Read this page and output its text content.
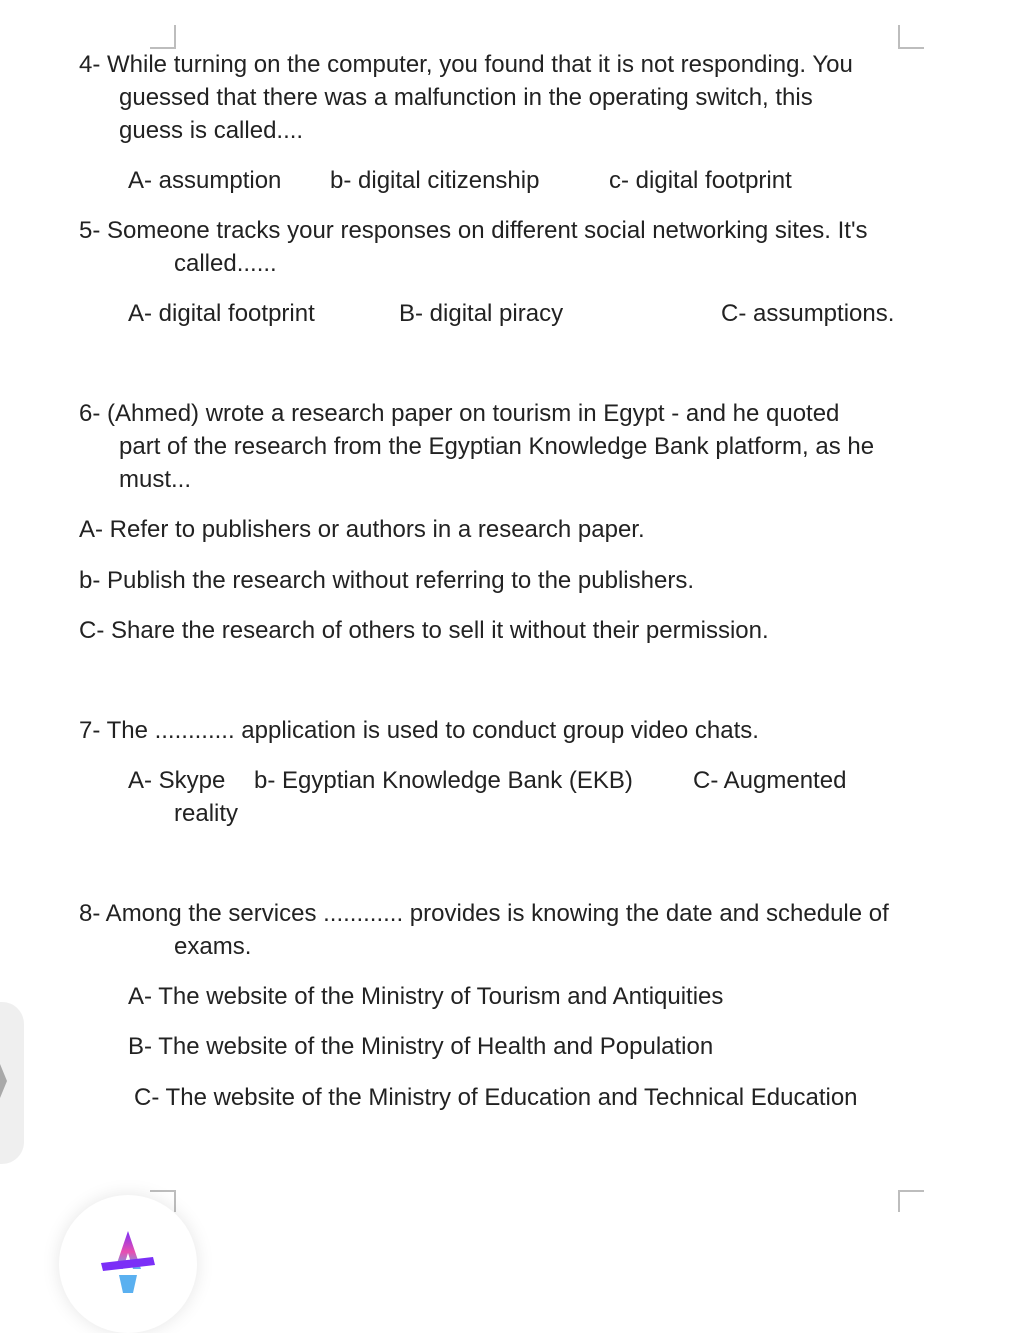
4- While turning on the computer, you found that it is not responding. You
guessed that there was a malfunction in the operating switch, this
guess is called....
A- assumption b- digital citizenship	c- digital footprint
5- Someone tracks your responses on different social networking sites. It's
called......
A- digital footprint	B- digital piracy	C- assumptions.
6- (Ahmed) wrote a research paper on tourism in Egypt - and he quoted
part of the research from the Egyptian Knowledge Bank platform, as he
must...
A- Refer to publishers or authors in a research paper.
b- Publish the research without referring to the publishers.
C- Share the research of others to sell it without their permission.
7- The ............ application is used to conduct group video chats.
A- Skype b- Egyptian Knowledge Bank (EKB)	C- Augmented
reality
8- Among the services ............ provides is knowing the date and schedule of
exams.
A- The website of the Ministry of Tourism and Antiquities
B- The website of the Ministry of Health and Population
C- The website of the Ministry of Education and Technical Education
